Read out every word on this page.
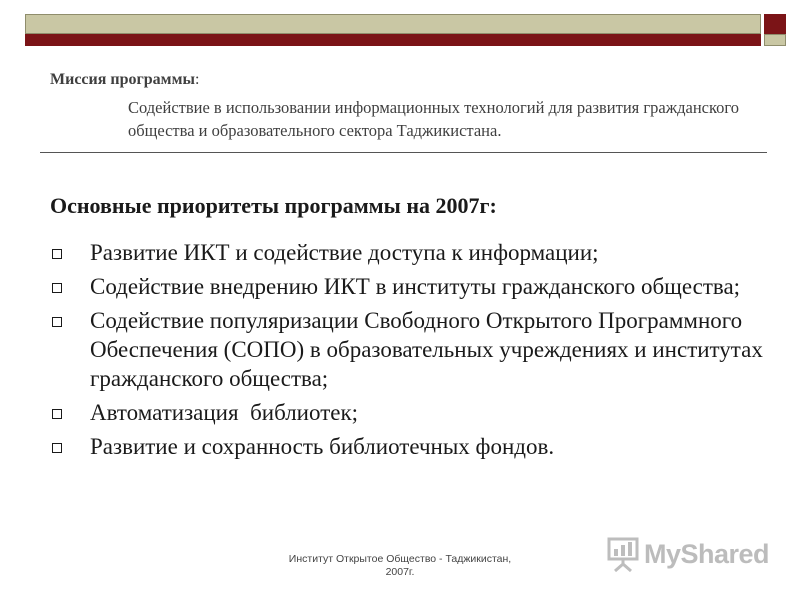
Миссия программы:
Содействие в использовании информационных технологий для развития гражданского общества и образовательного сектора Таджикистана.
Основные приоритеты программы на 2007г:
Развитие ИКТ и содействие доступа к информации;
Содействие внедрению ИКТ в институты гражданского общества;
Содействие популяризации Свободного Открытого Программного Обеспечения (СОПО) в образовательных учреждениях и институтах гражданского общества;
Автоматизация  библиотек;
Развитие и сохранность библиотечных фондов.
Институт Открытое Общество - Таджикистан,
2007г.
MyShared
